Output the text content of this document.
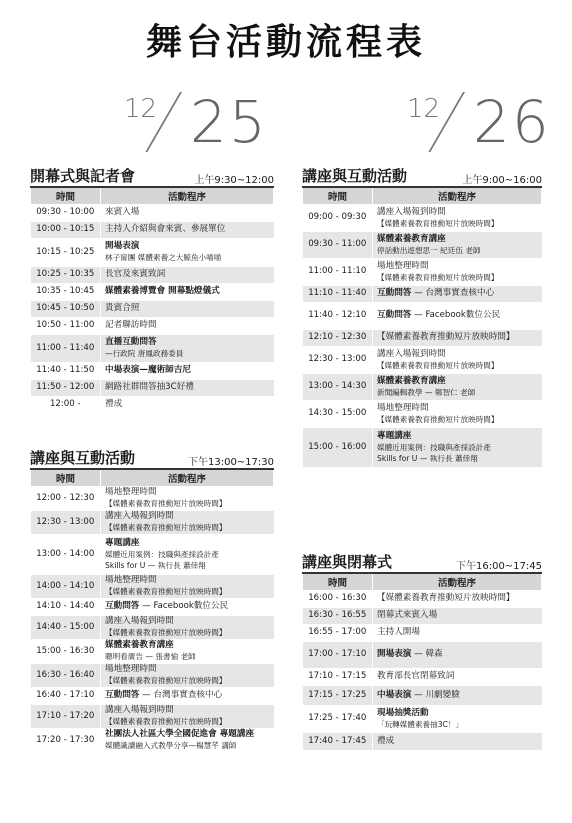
舞台活動流程表
12 25	12 26
開幕式與記者會	上午9:30~12:00
時間	活動程序
09:30 - 10:00	來賓入場

10:00 - 10:15	主持人介紹與會來賓、參展單位

10:15 - 10:25	開場表演
林子甯團 媒體素養之大鯨魚小喵喵

10:25 - 10:35	長官及來賓致詞

10:35 - 10:45	媒體素養博覽會 開幕點燈儀式

10:45 - 10:50	貴賓合照

10:50 - 11:00	記者聯訪時間

11:00 - 11:40	直播互動問答
—行政院 唐鳳政務委員

11:40 - 11:50	中場表演—魔術師吉尼

11:50 - 12:00	網路社群問答抽3C好禮

12:00 -	禮成
講座與互動活動	下午13:00~17:30
時間	活動程序
12:00 - 12:30	場地整理時間
【媒體素養教育推動短片放映時間】

12:30 - 13:00	講座入場報到時間
【媒體素養教育推動短片放映時間】

13:00 - 14:00	專題講座
媒體近用案例：技職與產採設計產
Skills for U — 執行長 蕭倖翔

14:00 - 14:10	場地整理時間
【媒體素養教育推動短片放映時間】

14:10 - 14:40	互動問答 — Facebook數位公民
14:40 - 15:00	講座入場報到時間
【媒體素養教育推動短片放映時間】

15:00 - 16:30	媒體素養教育講座
聰明看廣告 — 張書愉 老師

16:30 - 16:40	場地整理時間
【媒體素養教育推動短片放映時間】

16:40 - 17:10	互動問答 — 台灣事實查核中心
17:10 - 17:20	講座入場報到時間
【媒體素養教育推動短片放映時間】

17:20 - 17:30	社團法人社區大學全國促進會 專題講座
媒體識讀融入式教學分享—楊慧芊 講師
講座與互動活動	上午9:00~16:00
時間	活動程序
09:00 - 09:30	講座入場報到時間
【媒體素養教育推動短片放映時間】

09:30 - 11:00	媒體素養教育講座
停話動出遊想思一 紀廷伍 老師

11:00 - 11:10	場地整理時間
【媒體素養教育推動短片放映時間】

11:10 - 11:40	互動問答 — 台灣事實查核中心
11:40 - 12:10	互動問答 — Facebook數位公民
12:10 - 12:30	【媒體素養教育推動短片放映時間】

12:30 - 13:00	講座入場報到時間
【媒體素養教育推動短片放映時間】

13:00 - 14:30	媒體素養教育講座
新聞編輯教學 — 鄭智仁 老師

14:30 - 15:00	場地整理時間
【媒體素養教育推動短片放映時間】

15:00 - 16:00	專題講座
媒體近用案例：技職與產採設計產
Skills for U — 執行長 蕭倖翔
講座與閉幕式	下午16:00~17:45
時間	活動程序
16:00 - 16:30	【媒體素養教育推動短片放映時間】

16:30 - 16:55	閉幕式來賓入場

16:55 - 17:00	主持人開場

17:00 - 17:10	開場表演 — 韓森
17:10 - 17:15	教育部長官閉幕致詞

17:15 - 17:25	中場表演 — 川劇變臉
17:25 - 17:40	現場抽獎活動
「玩轉媒體素養抽3C！」

17:40 - 17:45	禮成
